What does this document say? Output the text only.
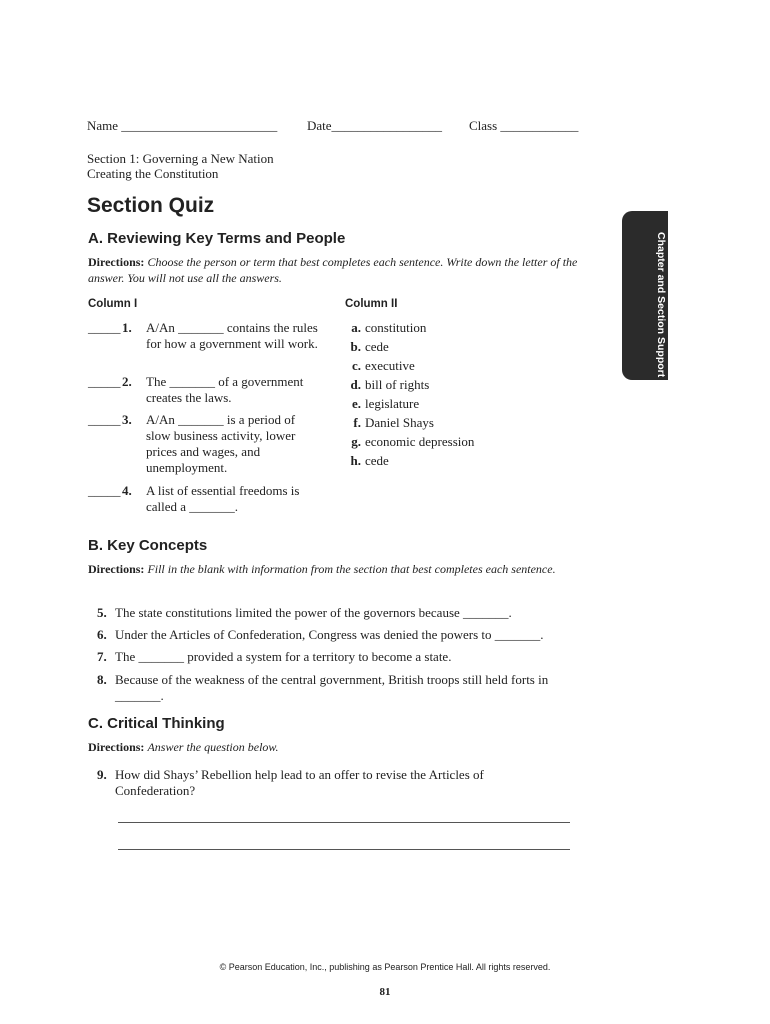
Name ________________________ Date_________________ Class ____________
Section 1: Governing a New Nation
Creating the Constitution
Section Quiz
Chapter and Section Support
A. Reviewing Key Terms and People
Directions: Choose the person or term that best completes each sentence. Write down the letter of the answer. You will not use all the answers.
Column I	Column II
_____ 1. A/An _______ contains the rules for how a government will work.
_____ 2. The _______ of a government creates the laws.
_____ 3. A/An _______ is a period of slow business activity, lower prices and wages, and unemployment.
_____ 4. A list of essential freedoms is called a _______.
a. constitution
b. cede
c. executive
d. bill of rights
e. legislature
f. Daniel Shays
g. economic depression
h. cede
B. Key Concepts
Directions: Fill in the blank with information from the section that best completes each sentence.
5. The state constitutions limited the power of the governors because _______.
6. Under the Articles of Confederation, Congress was denied the powers to _______.
7. The _______ provided a system for a territory to become a state.
8. Because of the weakness of the central government, British troops still held forts in _______.
C. Critical Thinking
Directions: Answer the question below.
9. How did Shays’ Rebellion help lead to an offer to revise the Articles of Confederation?
© Pearson Education, Inc., publishing as Pearson Prentice Hall. All rights reserved.
81
